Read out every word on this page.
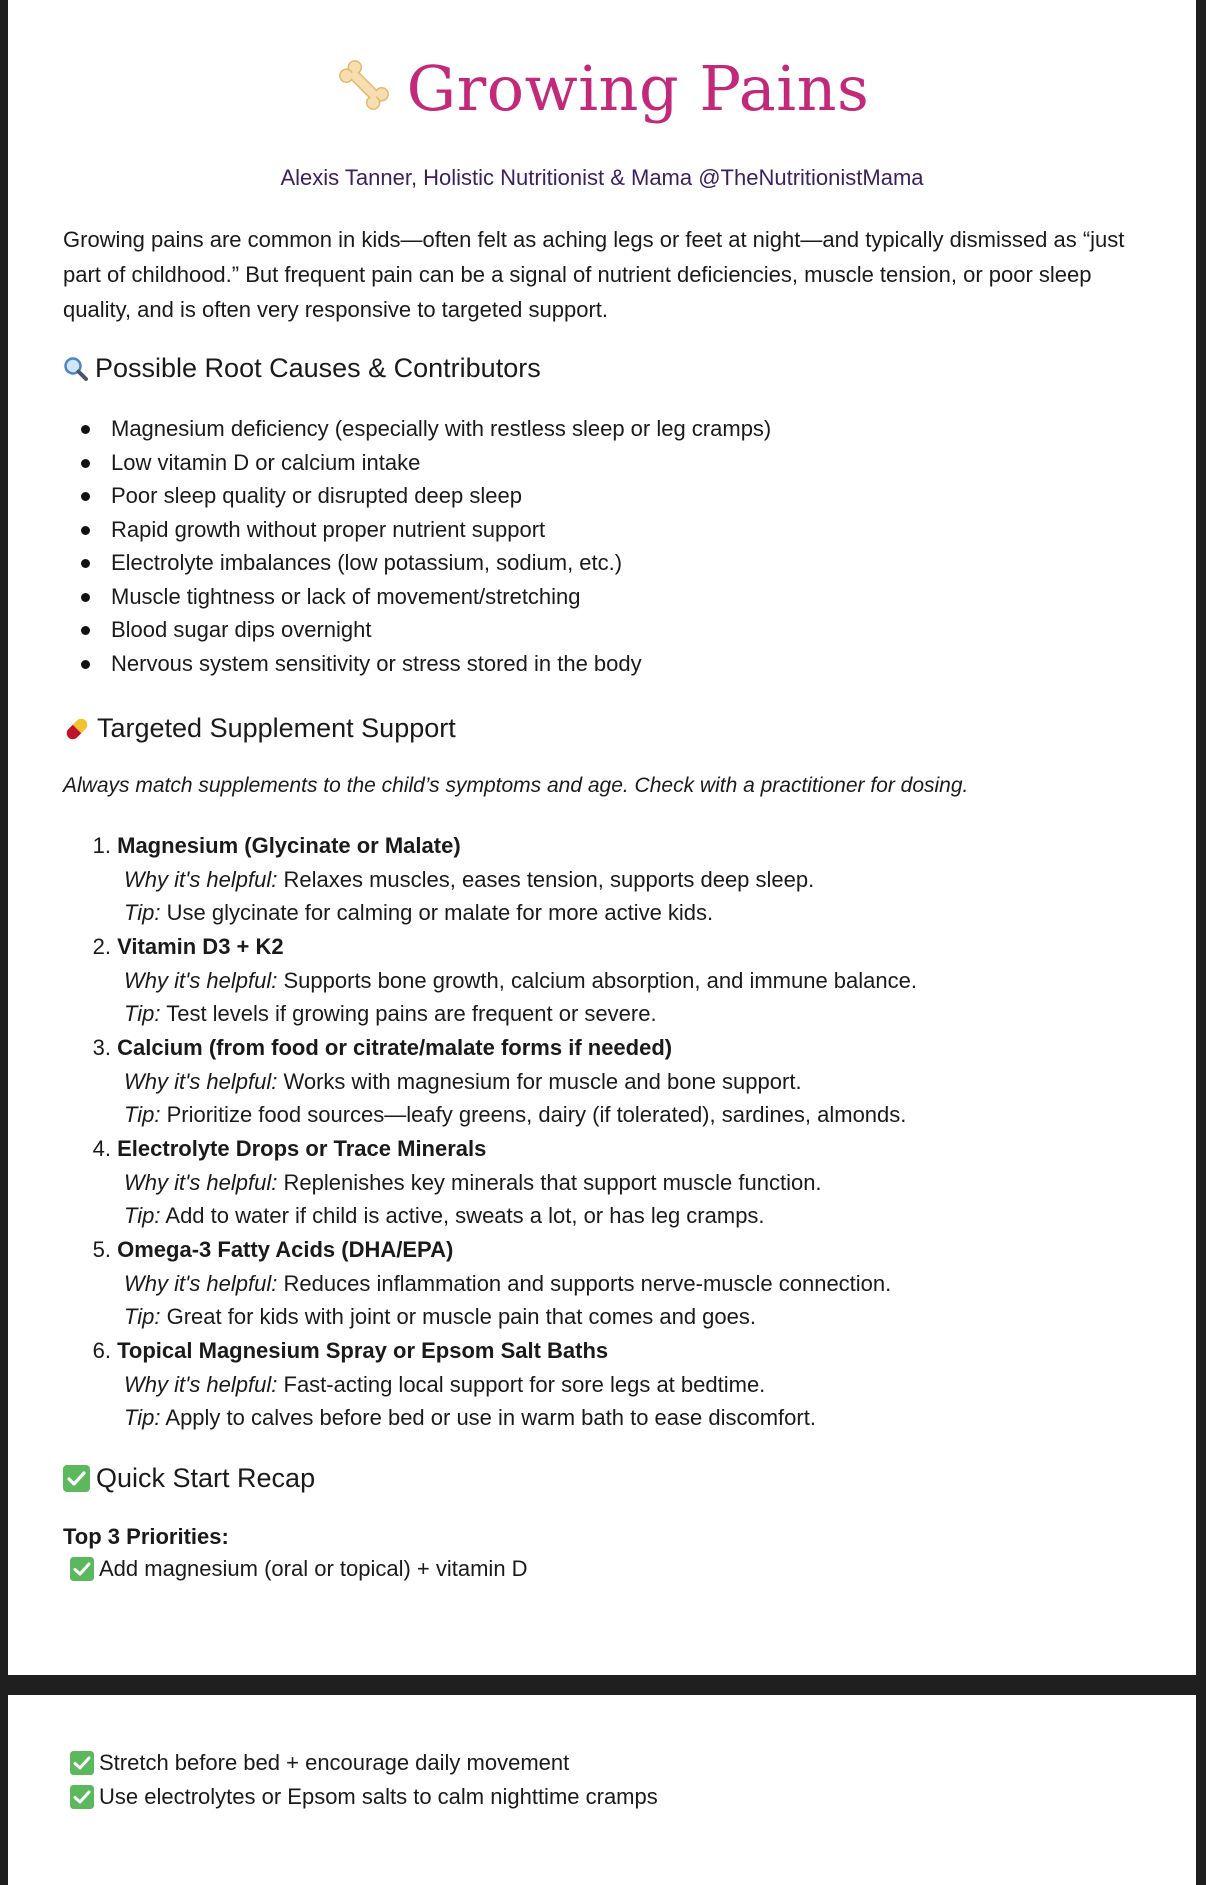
Growing Pains
Alexis Tanner, Holistic Nutritionist & Mama @TheNutritionistMama
Growing pains are common in kids—often felt as aching legs or feet at night—and typically dismissed as “just part of childhood.” But frequent pain can be a signal of nutrient deficiencies, muscle tension, or poor sleep quality, and is often very responsive to targeted support.
Possible Root Causes & Contributors
Magnesium deficiency (especially with restless sleep or leg cramps)
Low vitamin D or calcium intake
Poor sleep quality or disrupted deep sleep
Rapid growth without proper nutrient support
Electrolyte imbalances (low potassium, sodium, etc.)
Muscle tightness or lack of movement/stretching
Blood sugar dips overnight
Nervous system sensitivity or stress stored in the body
Targeted Supplement Support
Always match supplements to the child’s symptoms and age. Check with a practitioner for dosing.
1. Magnesium (Glycinate or Malate)
Why it's helpful: Relaxes muscles, eases tension, supports deep sleep.
Tip: Use glycinate for calming or malate for more active kids.
2. Vitamin D3 + K2
Why it's helpful: Supports bone growth, calcium absorption, and immune balance.
Tip: Test levels if growing pains are frequent or severe.
3. Calcium (from food or citrate/malate forms if needed)
Why it's helpful: Works with magnesium for muscle and bone support.
Tip: Prioritize food sources—leafy greens, dairy (if tolerated), sardines, almonds.
4. Electrolyte Drops or Trace Minerals
Why it's helpful: Replenishes key minerals that support muscle function.
Tip: Add to water if child is active, sweats a lot, or has leg cramps.
5. Omega-3 Fatty Acids (DHA/EPA)
Why it's helpful: Reduces inflammation and supports nerve-muscle connection.
Tip: Great for kids with joint or muscle pain that comes and goes.
6. Topical Magnesium Spray or Epsom Salt Baths
Why it's helpful: Fast-acting local support for sore legs at bedtime.
Tip: Apply to calves before bed or use in warm bath to ease discomfort.
Quick Start Recap
Top 3 Priorities:
Add magnesium (oral or topical) + vitamin D
Stretch before bed + encourage daily movement
Use electrolytes or Epsom salts to calm nighttime cramps
